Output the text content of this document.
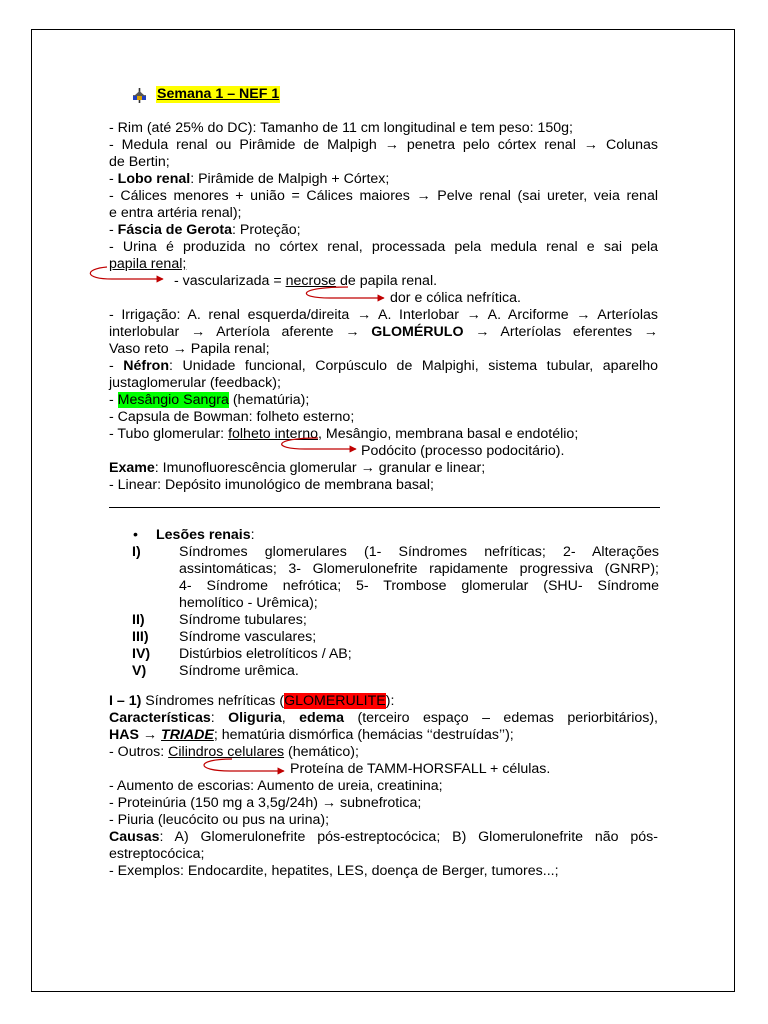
Semana 1 – NEF 1
- Rim (até 25% do DC): Tamanho de 11 cm longitudinal e tem peso: 150g;
- Medula renal ou Pirâmide de Malpigh → penetra pelo córtex renal → Colunas
de Bertin;
- Lobo renal: Pirâmide de Malpigh + Córtex;
- Cálices menores + união = Cálices maiores → Pelve renal (sai ureter, veia renal
e entra artéria renal);
- Fáscia de Gerota: Proteção;
- Urina é produzida no córtex renal, processada pela medula renal e sai pela
papila renal;
- vascularizada = necrose de papila renal.
dor e cólica nefrítica.
- Irrigação: A. renal esquerda/direita → A. Interlobar → A. Arciforme → Arteríolas
interlobular → Arteríola aferente → GLOMÉRULO → Arteríolas eferentes →
Vaso reto → Papila renal;
- Néfron: Unidade funcional, Corpúsculo de Malpighi, sistema tubular, aparelho
justaglomerular (feedback);
- Mesângio Sangra (hematúria);
- Capsula de Bowman: folheto esterno;
- Tubo glomerular: folheto interno, Mesângio, membrana basal e endotélio;
Podócito (processo podocitário).
Exame: Imunofluorescência glomerular → granular e linear;
- Linear: Depósito imunológico de membrana basal;
• Lesões renais:
I)	Síndromes glomerulares (1- Síndromes nefríticas; 2- Alterações
assintomáticas; 3- Glomerulonefrite rapidamente progressiva (GNRP);
4- Síndrome nefrótica; 5- Trombose glomerular (SHU- Síndrome
hemolítico - Urêmica);
II) Síndrome tubulares;
III) Síndrome vasculares;
IV) Distúrbios eletrolíticos / AB;
V) Síndrome urêmica.
I – 1) Síndromes nefríticas (GLOMERULITE):
Características: Oliguria, edema (terceiro espaço – edemas periorbitários),
HAS → TRIADE; hematúria dismórfica (hemácias ‘‘destruídas’’);
- Outros: Cilindros celulares (hemático);
Proteína de TAMM-HORSFALL + células.
- Aumento de escorias: Aumento de ureia, creatinina;
- Proteinúria (150 mg a 3,5g/24h) → subnefrotica;
- Piuria (leucócito ou pus na urina);
Causas: A) Glomerulonefrite pós-estreptocócica; B) Glomerulonefrite não pós-
estreptocócica;
- Exemplos: Endocardite, hepatites, LES, doença de Berger, tumores...;
